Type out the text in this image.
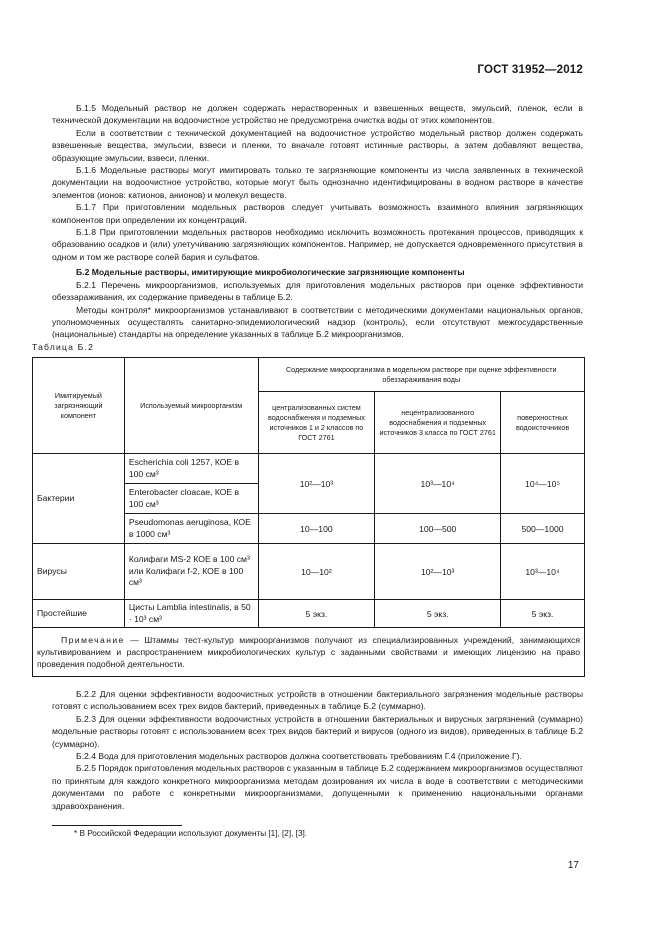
ГОСТ 31952—2012

Б.1.5 Модельный раствор не должен содержать нерастворенных и взвешенных веществ, эмульсий, пленок, если в технической документации на водоочистное устройство не предусмотрена очистка воды от этих компонентов.

Если в соответствии с технической документацией на водоочистное устройство модельный раствор должен содержать взвешенные вещества, эмульсии, взвеси и пленки, то вначале готовят истинные растворы, а затем добавляют вещества, образующие эмульсии, взвеси, пленки.

Б.1.6 Модельные растворы могут имитировать только те загрязняющие компоненты из числа заявленных в технической документации на водоочистное устройство, которые могут быть однозначно идентифицированы в водном растворе в качестве элементов (ионов: катионов, анионов) и молекул веществ.

Б.1.7 При приготовлении модельных растворов следует учитывать возможность взаимного влияния загрязняющих компонентов при определении их концентраций.

Б.1.8 При приготовлении модельных растворов необходимо исключить возможность протекания процессов, приводящих к образованию осадков и (или) улетучиванию загрязняющих компонентов. Например, не допускается одновременного присутствия в одном и том же растворе солей бария и сульфатов.

Б.2 Модельные растворы, имитирующие микробиологические загрязняющие компоненты

Б.2.1 Перечень микроорганизмов, используемых для приготовления модельных растворов при оценке эффективности обеззараживания, их содержание приведены в таблице Б.2.

Методы контроля* микроорганизмов устанавливают в соответствии с методическими документами национальных органов, уполномоченных осуществлять санитарно-эпидемиологический надзор (контроль), если отсутствуют межгосударственные (национальные) стандарты на определение указанных в таблице Б.2 микроорганизмов.

Таблица Б.2
Имитируемый загрязняющий компонент	Используемый микроорганизм	Содержание микроорганизма в модельном растворе при оценке эффективности обеззараживания воды		
		централизованных систем водоснабжения и подземных источников 1 и 2 классов по ГОСТ 2761	нецентрализованного водоснабжения и подземных источников 3 класса по ГОСТ 2761	поверхностных водоисточников
Бактерии	Escherichia coli 1257, КОЕ в 100 см³	10²—10³	10³—10⁴	10⁴—10⁵
	Enterobacter cloacae, КОЕ в 100 см³			
	Pseudomonas aeruginosa, КОЕ в 1000 см³	10—100	100—500	500—1000
Вирусы	Колифаги MS-2 КОЕ в 100 см³ или Колифаги f-2, КОЕ в 100 см³	10—10²	10²—10³	10³—10⁴
Простейшие	Цисты Lamblia intestinalis, в 50 · 10³ см³	5 экз.	5 экз.	5 экз.
Примечание — Штаммы тест-культур микроорганизмов получают из специализированных учреждений, занимающихся культивированием и распространением микробиологических культур с заданными свойствами и имеющих лицензию на право проведения подобной деятельности.				

Б.2.2 Для оценки эффективности водоочистных устройств в отношении бактериального загрязнения модельные растворы готовят с использованием всех трех видов бактерий, приведенных в таблице Б.2 (суммарно).

Б.2.3 Для оценки эффективности водоочистных устройств в отношении бактериальных и вирусных загрязнений (суммарно) модельные растворы готовят с использованием всех трех видов бактерий и вирусов (одного из видов), приведенных в таблице Б.2 (суммарно).

Б.2.4 Вода для приготовления модельных растворов должна соответствовать требованиям Г.4 (приложение Г).

Б.2.5 Порядок приготовления модельных растворов с указанным в таблице Б.2 содержанием микроорганизмов осуществляют по принятым для каждого конкретного микроорганизма методам дозирования их числа в воде в соответствии с методическими документами по работе с конкретными микроорганизмами, допущенными к применению национальными органами здравоохранения.

* В Российской Федерации используют документы [1], [2], [3].
17
